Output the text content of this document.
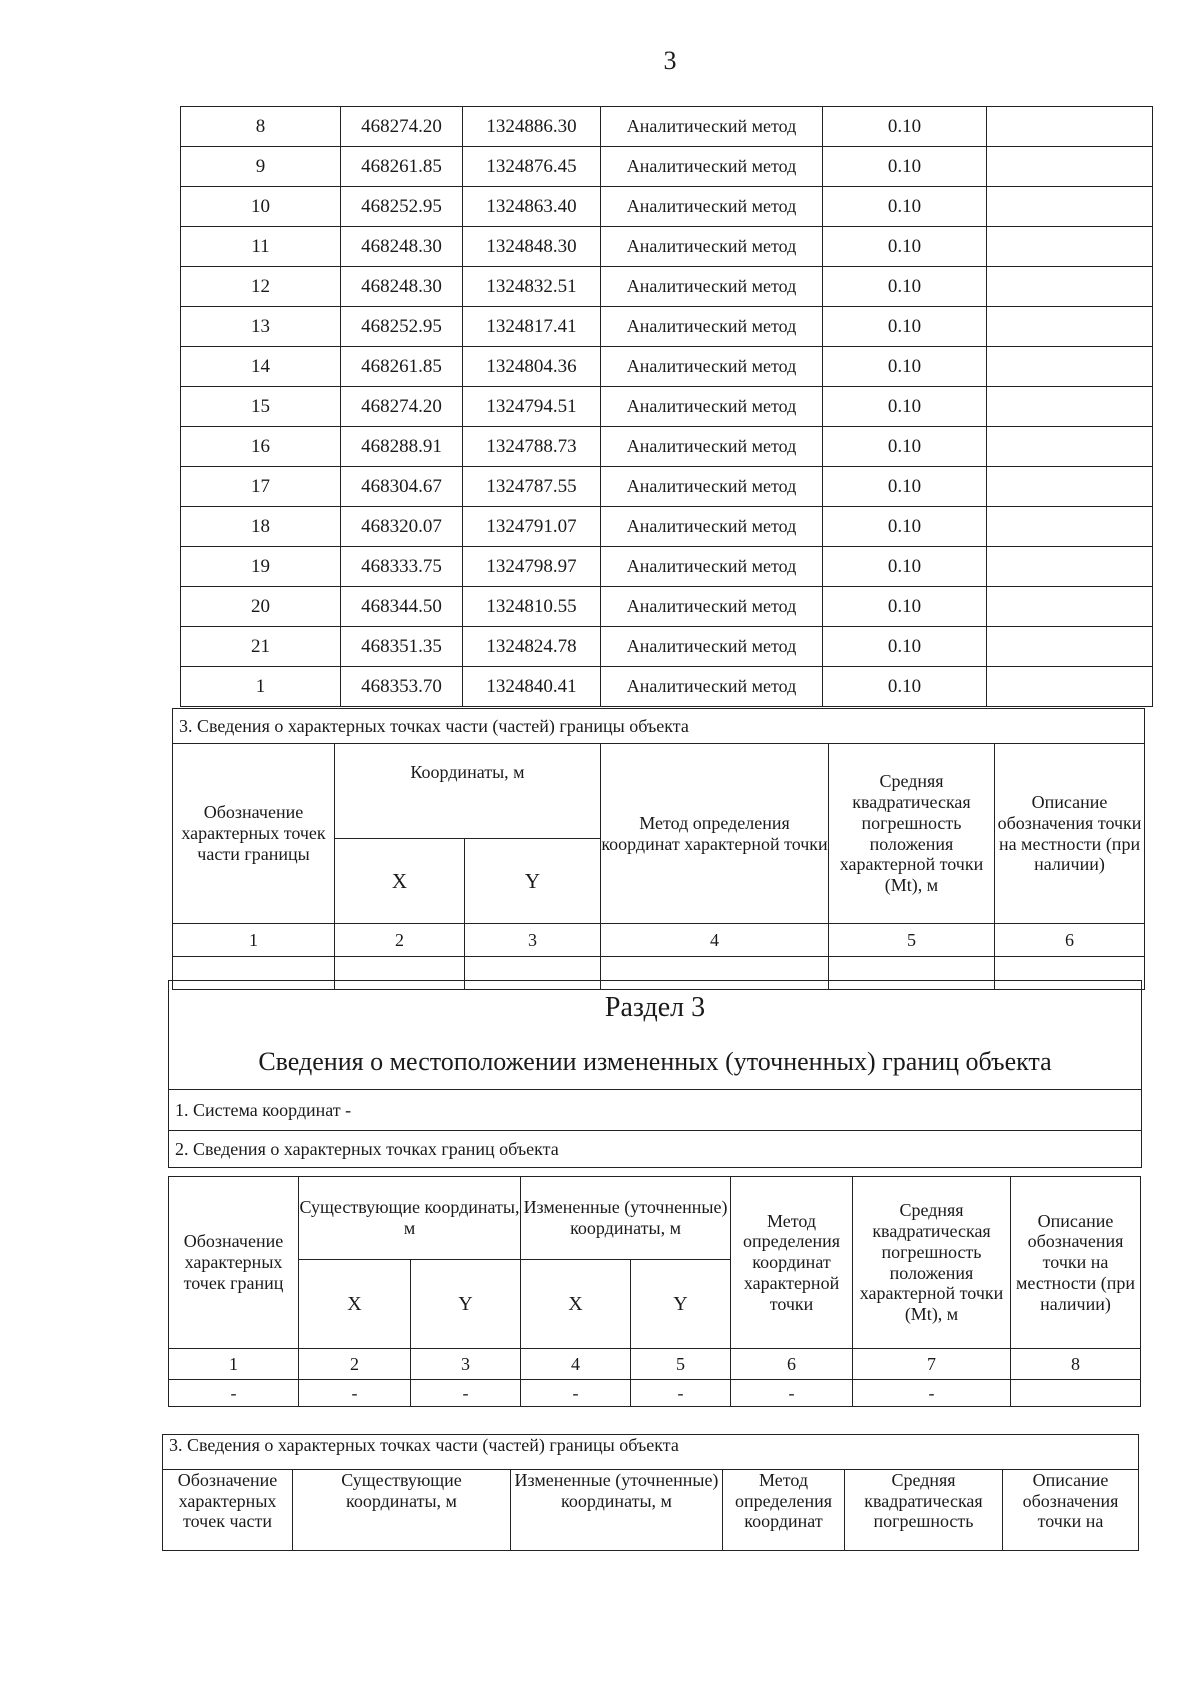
3
8	468274.20	1324886.30	Аналитический метод	0.10	
9	468261.85	1324876.45	Аналитический метод	0.10	
10	468252.95	1324863.40	Аналитический метод	0.10	
11	468248.30	1324848.30	Аналитический метод	0.10	
12	468248.30	1324832.51	Аналитический метод	0.10	
13	468252.95	1324817.41	Аналитический метод	0.10	
14	468261.85	1324804.36	Аналитический метод	0.10	
15	468274.20	1324794.51	Аналитический метод	0.10	
16	468288.91	1324788.73	Аналитический метод	0.10	
17	468304.67	1324787.55	Аналитический метод	0.10	
18	468320.07	1324791.07	Аналитический метод	0.10	
19	468333.75	1324798.97	Аналитический метод	0.10	
20	468344.50	1324810.55	Аналитический метод	0.10	
21	468351.35	1324824.78	Аналитический метод	0.10	
1	468353.70	1324840.41	Аналитический метод	0.10	
3. Сведения о характерных точках части (частей) границы объекта					
Обозначение характерных точек части границы	Координаты, м		Метод определения координат характерной точки	Средняя квадратическая погрешность положения характерной точки (Mt), м	Описание обозначения точки на местности (при наличии)
	X	Y			
1	2	3	4	5	6

Раздел 3
Сведения о местоположении измененных (уточненных) границ объекта
1. Система координат -
2. Сведения о характерных точках границ объекта
Обозначение характерных точек границ	Существующие координаты, м		Измененные (уточненные) координаты, м		Метод определения координат характерной точки	Средняя квадратическая погрешность положения характерной точки (Mt), м	Описание обозначения точки на местности (при наличии)
	X	Y	X	Y			
1	2	3	4	5	6	7	8
-	-	-	-	-	-	-	
3. Сведения о характерных точках части (частей) границы объекта
Обозначение характерных точек части	Существующие координаты, м	Измененные (уточненные) координаты, м	Метод определения координат	Средняя квадратическая погрешность	Описание обозначения точки на
